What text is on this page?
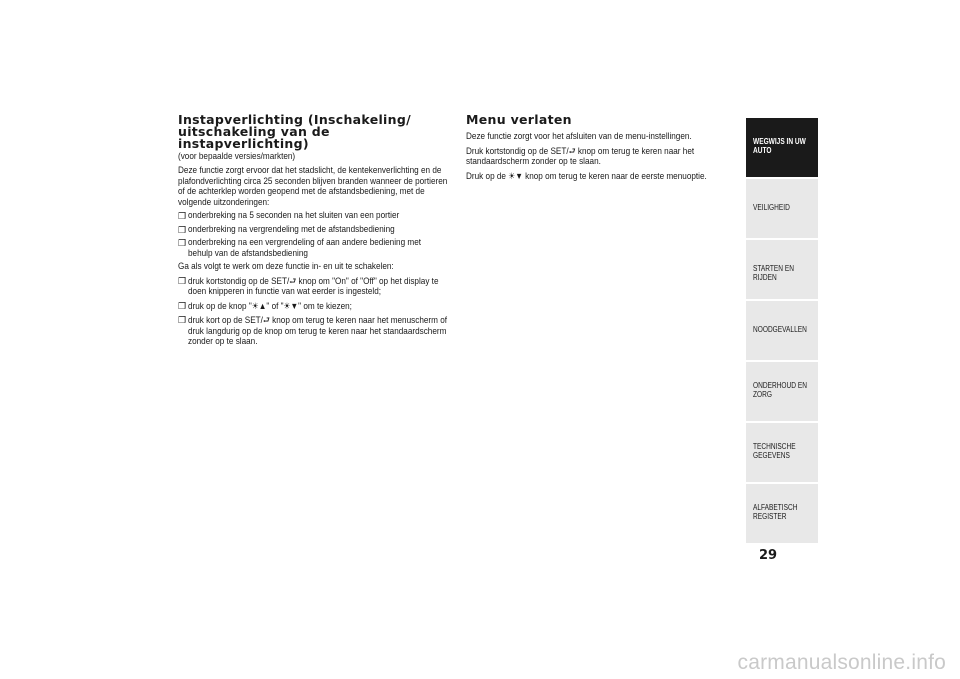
Instapverlichting (Inschakeling/ uitschakeling van de instapverlichting)
(voor bepaalde versies/markten)

Deze functie zorgt ervoor dat het stadslicht, de kentekenverlichting en de plafondverlichting circa 25 seconden blijven branden wanneer de portieren of de achterklep worden geopend met de afstandsbediening, met de volgende uitzonderingen:

❒ onderbreking na 5 seconden na het sluiten van een portier
❒ onderbreking na vergrendeling met de afstandsbediening
❒ onderbreking na een vergrendeling of aan andere bediening met behulp van de afstandsbediening

Ga als volgt te werk om deze functie in- en uit te schakelen:

❒ druk kortstondig op de SET/⮐ knop om "On" of "Off" op het display te doen knipperen in functie van wat eerder is ingesteld;
❒ druk op de knop "☀▲" of "☀▼" om te kiezen;
❒ druk kort op de SET/⮐ knop om terug te keren naar het menuscherm of druk langdurig op de knop om terug te keren naar het standaardscherm zonder op te slaan.
Menu verlaten

Deze functie zorgt voor het afsluiten van de menu-instellingen.

Druk kortstondig op de SET/⮐ knop om terug te keren naar het standaardscherm zonder op te slaan.

Druk op de ☀▼ knop om terug te keren naar de eerste menuoptie.

WEGWIJS IN UW AUTO
VEILIGHEID
STARTEN EN RIJDEN
NOODGEVALLEN
ONDERHOUD EN ZORG
TECHNISCHE GEGEVENS
ALFABETISCH REGISTER
29
carmanualsonline.info
